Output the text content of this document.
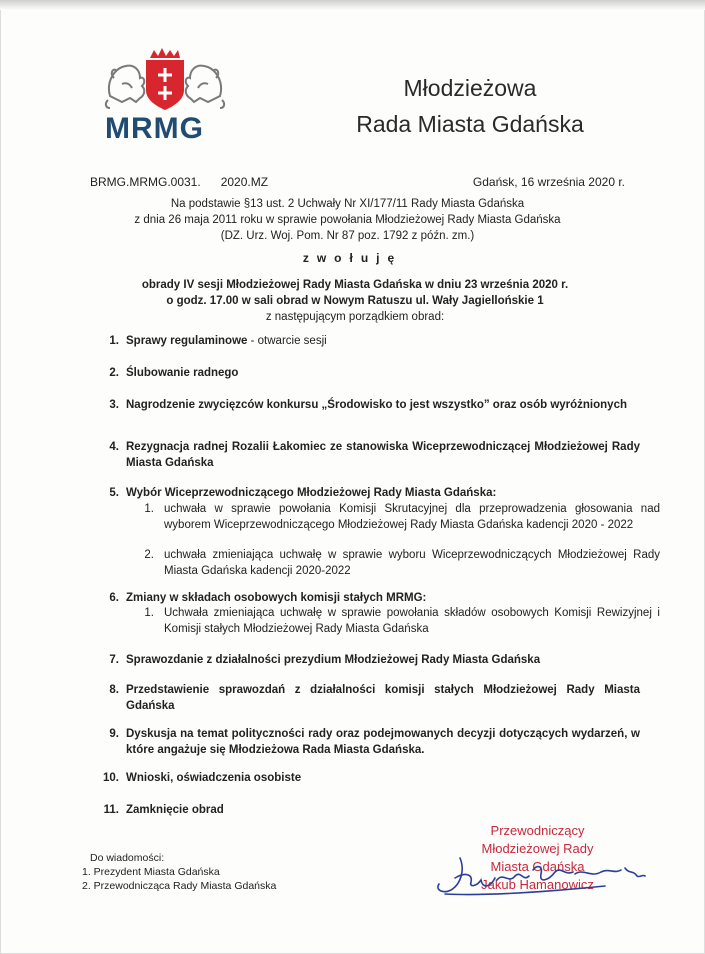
MRMG
Młodzieżowa
Rada Miasta Gdańska
BRMG.MRMG.0031.      2020.MZ	Gdańsk, 16 września 2020 r.
Na podstawie §13 ust. 2 Uchwały Nr XI/177/11 Rady Miasta Gdańska
z dnia 26 maja 2011 roku w sprawie powołania Młodzieżowej Rady Miasta Gdańska
(DZ. Urz. Woj. Pom. Nr 87 poz. 1792 z późn. zm.)
zwołuję
obrady IV sesji Młodzieżowej Rady Miasta Gdańska w dniu 23 września 2020 r.
o godz. 17.00 w sali obrad w Nowym Ratuszu ul. Wały Jagiellońskie 1
z następującym porządkiem obrad:
1. Sprawy regulaminowe - otwarcie sesji
2. Ślubowanie radnego
3. Nagrodzenie zwycięzców konkursu „Środowisko to jest wszystko” oraz osób wyróżnionych
4. Rezygnacja radnej Rozalii Łakomiec ze stanowiska Wiceprzewodniczącej Młodzieżowej Rady Miasta Gdańska
5. Wybór Wiceprzewodniczącego Młodzieżowej Rady Miasta Gdańska:
1. uchwała w sprawie powołania Komisji Skrutacyjnej dla przeprowadzenia głosowania nad wyborem Wiceprzewodniczącego Młodzieżowej Rady Miasta Gdańska kadencji 2020 - 2022
2. uchwała zmieniająca uchwałę w sprawie wyboru Wiceprzewodniczących Młodzieżowej Rady Miasta Gdańska kadencji 2020-2022
6. Zmiany w składach osobowych komisji stałych MRMG:
1. Uchwała zmieniająca uchwałę w sprawie powołania składów osobowych Komisji Rewizyjnej i Komisji stałych Młodzieżowej Rady Miasta Gdańska
7. Sprawozdanie z działalności prezydium Młodzieżowej Rady Miasta Gdańska
8. Przedstawienie sprawozdań z działalności komisji stałych Młodzieżowej Rady Miasta Gdańska
9. Dyskusja na temat polityczności rady oraz podejmowanych decyzji dotyczących wydarzeń, w które angażuje się Młodzieżowa Rada Miasta Gdańska.
10. Wnioski, oświadczenia osobiste
11. Zamknięcie obrad
Do wiadomości:
1. Prezydent Miasta Gdańska
2. Przewodnicząca Rady Miasta Gdańska
Przewodniczący
Młodzieżowej Rady
Miasta Gdańska
Jakub Hamanowicz
